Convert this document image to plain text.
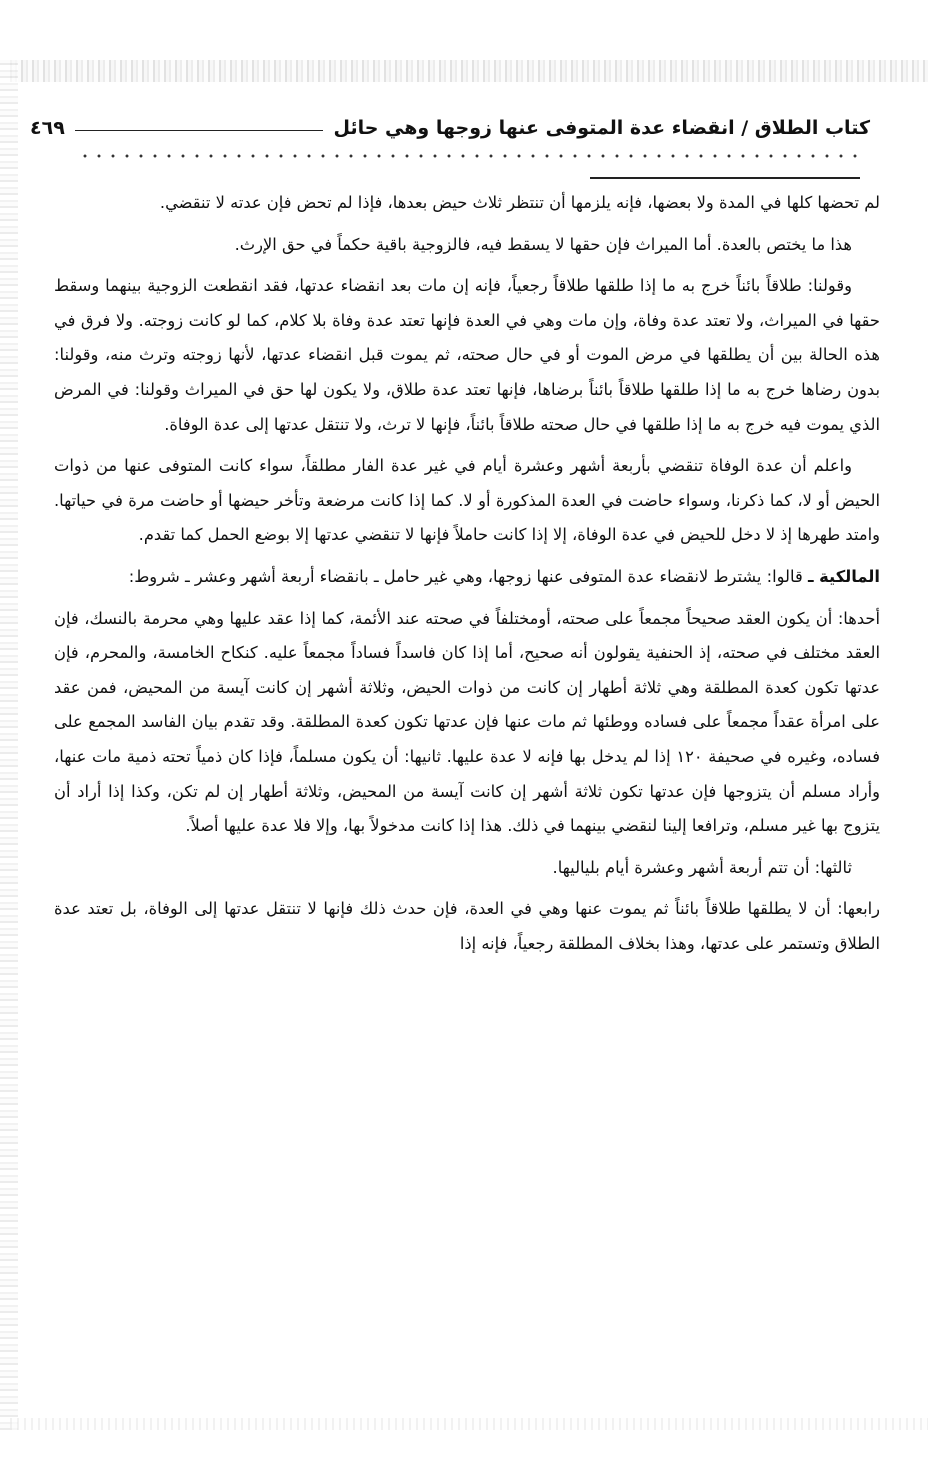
كتاب الطلاق / انقضاء عدة المتوفى عنها زوجها وهي حائل
٤٦٩

لم تحضها كلها في المدة ولا بعضها، فإنه يلزمها أن تنتظر ثلاث حيض بعدها، فإذا لم تحض فإن عدته لا تنقضي.

هذا ما يختص بالعدة. أما الميراث فإن حقها لا يسقط فيه، فالزوجية باقية حكماً في حق الإرث.

وقولنا: طلاقاً بائناً خرج به ما إذا طلقها طلاقاً رجعياً، فإنه إن مات بعد انقضاء عدتها، فقد انقطعت الزوجية بينهما وسقط حقها في الميراث، ولا تعتد عدة وفاة، وإن مات وهي في العدة فإنها تعتد عدة وفاة بلا كلام، كما لو كانت زوجته. ولا فرق في هذه الحالة بين أن يطلقها في مرض الموت أو في حال صحته، ثم يموت قبل انقضاء عدتها، لأنها زوجته وترث منه، وقولنا: بدون رضاها خرج به ما إذا طلقها طلاقاً بائناً برضاها، فإنها تعتد عدة طلاق، ولا يكون لها حق في الميراث وقولنا: في المرض الذي يموت فيه خرج به ما إذا طلقها في حال صحته طلاقاً بائناً، فإنها لا ترث، ولا تنتقل عدتها إلى عدة الوفاة.

واعلم أن عدة الوفاة تنقضي بأربعة أشهر وعشرة أيام في غير عدة الفار مطلقاً، سواء كانت المتوفى عنها من ذوات الحيض أو لا، كما ذكرنا، وسواء حاضت في العدة المذكورة أو لا. كما إذا كانت مرضعة وتأخر حيضها أو حاضت مرة في حياتها. وامتد طهرها إذ لا دخل للحيض في عدة الوفاة، إلا إذا كانت حاملاً فإنها لا تنقضي عدتها إلا بوضع الحمل كما تقدم.

المالكية ـ قالوا: يشترط لانقضاء عدة المتوفى عنها زوجها، وهي غير حامل ـ بانقضاء أربعة أشهر وعشر ـ شروط:

أحدها: أن يكون العقد صحيحاً مجمعاً على صحته، أومختلفاً في صحته عند الأئمة، كما إذا عقد عليها وهي محرمة بالنسك، فإن العقد مختلف في صحته، إذ الحنفية يقولون أنه صحيح، أما إذا كان فاسداً فساداً مجمعاً عليه. كنكاح الخامسة، والمحرم، فإن عدتها تكون كعدة المطلقة وهي ثلاثة أطهار إن كانت من ذوات الحيض، وثلاثة أشهر إن كانت آيسة من المحيض، فمن عقد على امرأة عقداً مجمعاً على فساده ووطئها ثم مات عنها فإن عدتها تكون كعدة المطلقة. وقد تقدم بيان الفاسد المجمع على فساده، وغيره في صحيفة ١٢٠ إذا لم يدخل بها فإنه لا عدة عليها. ثانيها: أن يكون مسلماً، فإذا كان ذمياً تحته ذمية مات عنها، وأراد مسلم أن يتزوجها فإن عدتها تكون ثلاثة أشهر إن كانت آيسة من المحيض، وثلاثة أطهار إن لم تكن، وكذا إذا أراد أن يتزوج بها غير مسلم، وترافعا إلينا لنقضي بينهما في ذلك. هذا إذا كانت مدخولاً بها، وإلا فلا عدة عليها أصلاً.

ثالثها: أن تتم أربعة أشهر وعشرة أيام بلياليها.

رابعها: أن لا يطلقها طلاقاً بائناً ثم يموت عنها وهي في العدة، فإن حدث ذلك فإنها لا تنتقل عدتها إلى الوفاة، بل تعتد عدة الطلاق وتستمر على عدتها، وهذا بخلاف المطلقة رجعياً، فإنه إذا
